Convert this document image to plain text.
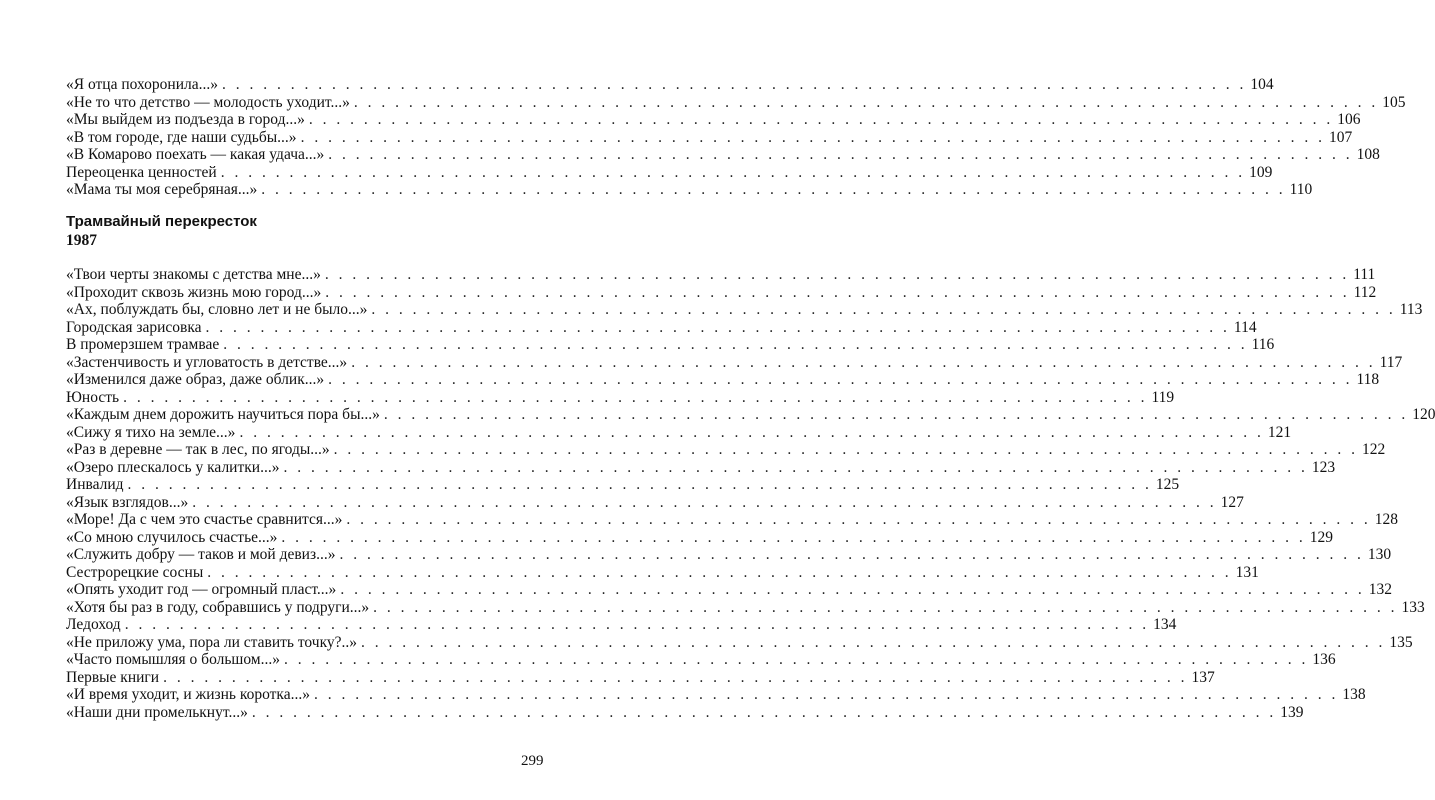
«Я отца похоронила...» . . .	104
«Не то что детство — молодость уходит...» . . .	105
«Мы выйдем из подъезда в город...» . . .	106
«В том городе, где наши судьбы...» . . .	107
«В Комарово поехать — какая удача...» . . .	108
Переоценка ценностей . . .	109
«Мама ты моя серебряная...» . . .	110
Трамвайный перекресток
1987
«Твои черты знакомы с детства мне...» . . .	111
«Проходит сквозь жизнь мою город...» . . .	112
«Ах, поблуждать бы, словно лет и не было...» . . .	113
Городская зарисовка . . .	114
В промерзшем трамвае . . .	116
«Застенчивость и угловатость в детстве...» . . .	117
«Изменился даже образ, даже облик...» . . .	118
Юность . . .	119
«Каждым днем дорожить научиться пора бы...» . . .	120
«Сижу я тихо на земле...» . . .	121
«Раз в деревне — так в лес, по ягоды...» . . .	122
«Озеро плескалось у калитки...» . . .	123
Инвалид . . .	125
«Язык взглядов...» . . .	127
«Море! Да с чем это счастье сравнится...» . . .	128
«Со мною случилось счастье...» . . .	129
«Служить добру — таков и мой девиз...» . . .	130
Сестрорецкие сосны . . .	131
«Опять уходит год — огромный пласт...» . . .	132
«Хотя бы раз в году, собравшись у подруги...» . . .	133
Ледоход . . .	134
«Не приложу ума, пора ли ставить точку?..» . . .	135
«Часто помышляя о большом...» . . .	136
Первые книги . . .	137
«И время уходит, и жизнь коротка...» . . .	138
«Наши дни промелькнут...» . . .	139
299
